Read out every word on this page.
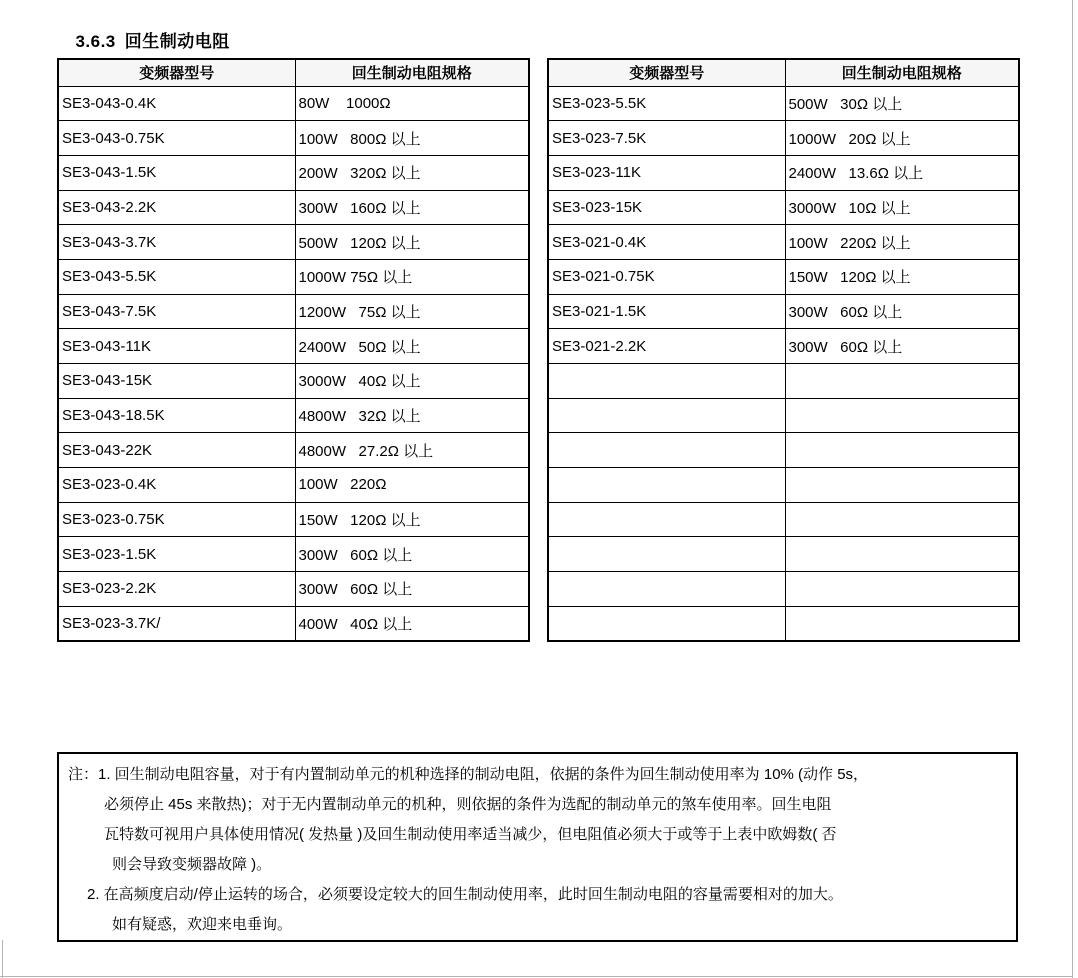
3.6.3 回生制动电阻

变频器型号	回生制动电阻规格
SE3-043-0.4K	80W    1000Ω
SE3-043-0.75K	100W   800Ω 以上
SE3-043-1.5K	200W   320Ω 以上
SE3-043-2.2K	300W   160Ω 以上
SE3-043-3.7K	500W   120Ω 以上
SE3-043-5.5K	1000W 75Ω 以上
SE3-043-7.5K	1200W   75Ω 以上
SE3-043-11K	2400W   50Ω 以上
SE3-043-15K	3000W   40Ω 以上
SE3-043-18.5K	4800W   32Ω 以上
SE3-043-22K	4800W   27.2Ω 以上
SE3-023-0.4K	100W   220Ω
SE3-023-0.75K	150W   120Ω 以上
SE3-023-1.5K	300W   60Ω 以上
SE3-023-2.2K	300W   60Ω 以上
SE3-023-3.7K/	400W   40Ω 以上
变频器型号	回生制动电阻规格
SE3-023-5.5K	500W   30Ω 以上
SE3-023-7.5K	1000W   20Ω 以上
SE3-023-11K	2400W   13.6Ω 以上
SE3-023-15K	3000W   10Ω 以上
SE3-021-0.4K	100W   220Ω 以上
SE3-021-0.75K	150W   120Ω 以上
SE3-021-1.5K	300W   60Ω 以上
SE3-021-2.2K	300W   60Ω 以上

注：1. 回生制动电阻容量，对于有内置制动单元的机种选择的制动电阻，依据的条件为回生制动使用率为 10% (动作 5s，
必须停止 45s 来散热)；对于无内置制动单元的机种，则依据的条件为选配的制动单元的煞车使用率。回生电阻
瓦特数可视用户具体使用情况( 发热量 )及回生制动使用率适当减少，但电阻值必须大于或等于上表中欧姆数( 否
则会导致变频器故障 )。
2. 在高频度启动/停止运转的场合，必须要设定较大的回生制动使用率，此时回生制动电阻的容量需要相对的加大。
如有疑惑，欢迎来电垂询。
